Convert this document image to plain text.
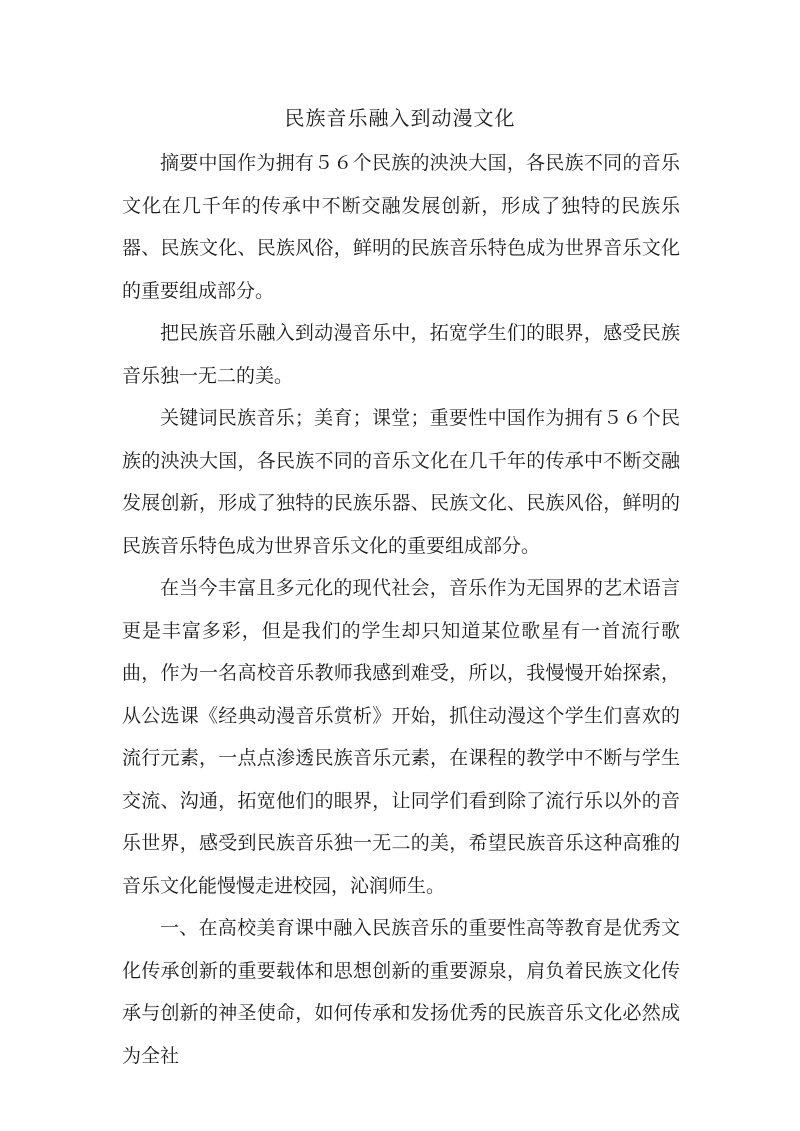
民族音乐融入到动漫文化

摘要中国作为拥有５６个民族的泱泱大国，各民族不同的音乐文化在几千年的传承中不断交融发展创新，形成了独特的民族乐器、民族文化、民族风俗，鲜明的民族音乐特色成为世界音乐文化的重要组成部分。

把民族音乐融入到动漫音乐中，拓宽学生们的眼界，感受民族音乐独一无二的美。

关键词民族音乐；美育；课堂；重要性中国作为拥有５６个民族的泱泱大国，各民族不同的音乐文化在几千年的传承中不断交融发展创新，形成了独特的民族乐器、民族文化、民族风俗，鲜明的民族音乐特色成为世界音乐文化的重要组成部分。

在当今丰富且多元化的现代社会，音乐作为无国界的艺术语言更是丰富多彩，但是我们的学生却只知道某位歌星有一首流行歌曲，作为一名高校音乐教师我感到难受，所以，我慢慢开始探索，从公选课《经典动漫音乐赏析》开始，抓住动漫这个学生们喜欢的流行元素，一点点渗透民族音乐元素，在课程的教学中不断与学生交流、沟通，拓宽他们的眼界，让同学们看到除了流行乐以外的音乐世界，感受到民族音乐独一无二的美，希望民族音乐这种高雅的音乐文化能慢慢走进校园，沁润师生。

一、在高校美育课中融入民族音乐的重要性高等教育是优秀文化传承创新的重要载体和思想创新的重要源泉，肩负着民族文化传承与创新的神圣使命，如何传承和发扬优秀的民族音乐文化必然成为全社
